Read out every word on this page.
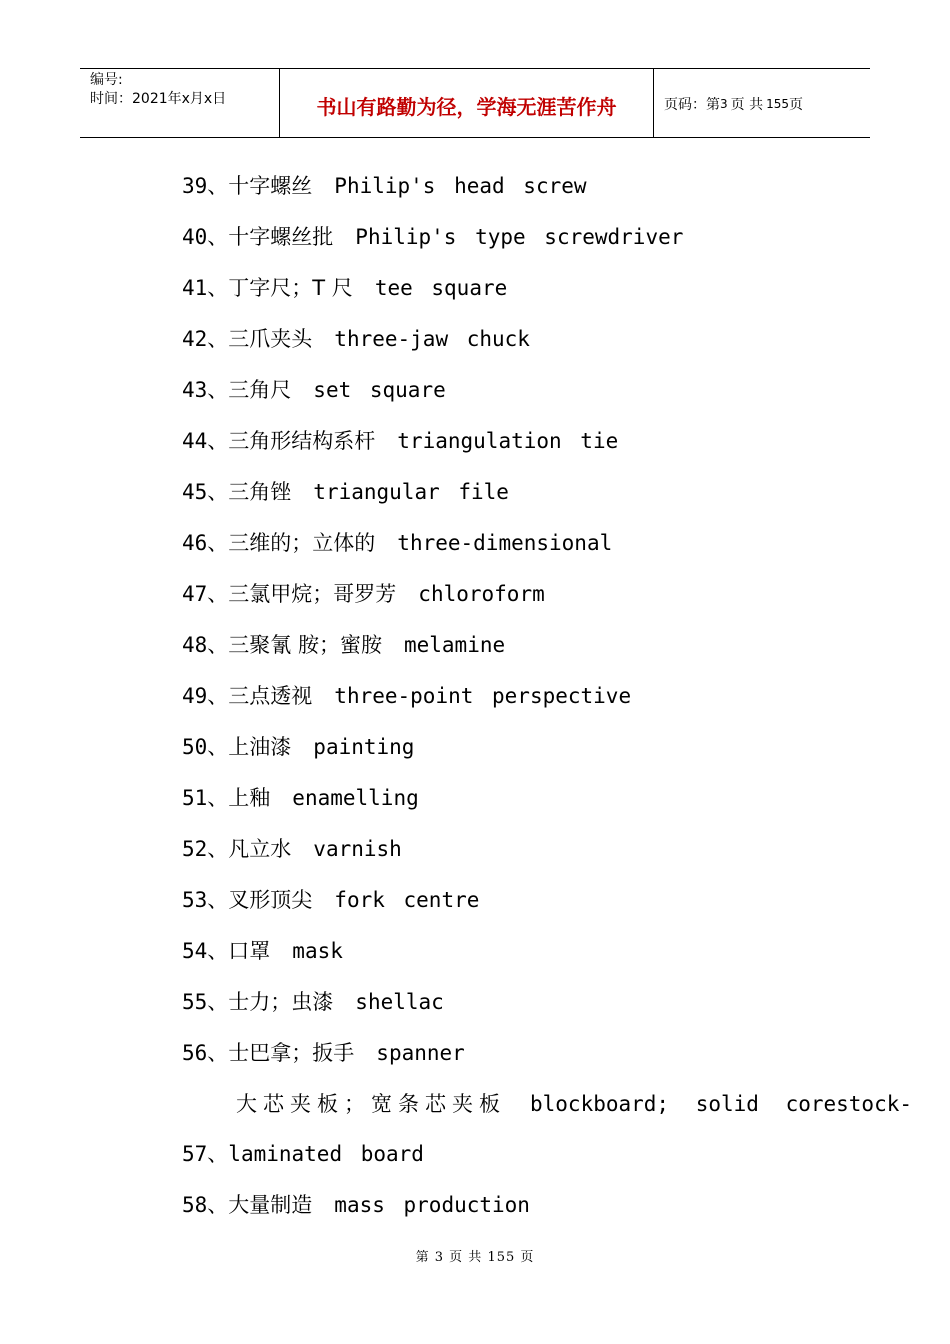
编号:
时间：2021年x月x日	书山有路勤为径，学海无涯苦作舟	页码：第 3 页 共 155 页
39、十字螺丝 Philip's head screw
40、十字螺丝批 Philip's type screwdriver
41、丁字尺；T 尺 tee square
42、三爪夹头 three-jaw chuck
43、三角尺 set square
44、三角形结构系杆 triangulation tie
45、三角锉 triangular file
46、三维的；立体的 three-dimensional
47、三氯甲烷；哥罗芳 chloroform
48、三聚氰 胺；蜜胺 melamine
49、三点透视 three-point perspective
50、上油漆 painting
51、上釉 enamelling
52、凡立水 varnish
53、叉形顶尖 fork centre
54、口罩 mask
55、士力；虫漆 shellac
56、士巴拿；扳手 spanner
大芯夹板；宽条芯夹板 blockboard; solid corestock-
57、laminated board
58、大量制造 mass production
第 3 页 共 155 页
